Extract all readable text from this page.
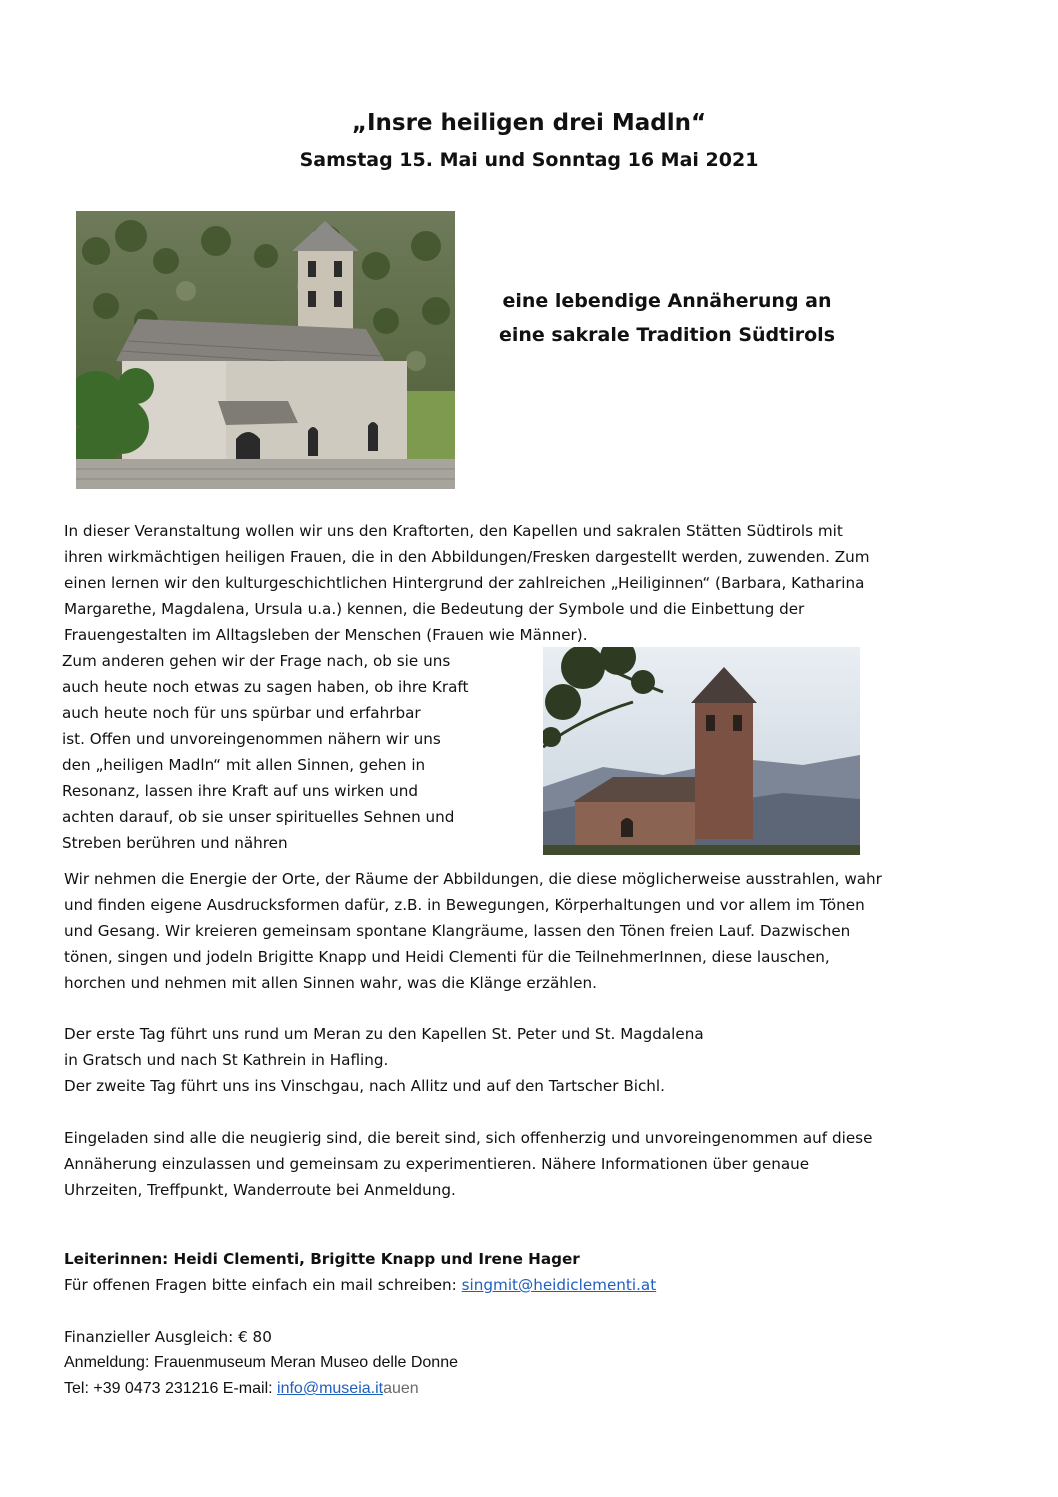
„Insre heiligen drei Madln“
Samstag 15. Mai und Sonntag 16 Mai 2021
eine lebendige Annäherung an
eine sakrale Tradition Südtirols
In dieser Veranstaltung wollen wir uns den Kraftorten, den Kapellen und sakralen Stätten Südtirols mit
ihren wirkmächtigen heiligen Frauen, die in den Abbildungen/Fresken dargestellt werden, zuwenden. Zum
einen lernen wir den kulturgeschichtlichen Hintergrund der zahlreichen „Heiliginnen“ (Barbara, Katharina
Margarethe, Magdalena, Ursula u.a.) kennen, die Bedeutung der Symbole und die Einbettung der
Frauengestalten im Alltagsleben der Menschen (Frauen wie Männer).
Zum anderen gehen wir der Frage nach, ob sie uns
auch heute noch etwas zu sagen haben, ob ihre Kraft
auch heute noch für uns spürbar und erfahrbar
ist. Offen und unvoreingenommen nähern wir uns
den „heiligen Madln“ mit allen Sinnen, gehen in
Resonanz, lassen ihre Kraft auf uns wirken und
achten darauf, ob sie unser spirituelles Sehnen und
Streben berühren und nähren
Wir nehmen die Energie der Orte, der Räume der Abbildungen, die diese möglicherweise ausstrahlen, wahr
und finden eigene Ausdrucksformen dafür, z.B. in Bewegungen, Körperhaltungen und vor allem im Tönen
und Gesang. Wir kreieren gemeinsam spontane Klangräume, lassen den Tönen freien Lauf. Dazwischen
tönen, singen und jodeln Brigitte Knapp und Heidi Clementi für die TeilnehmerInnen, diese lauschen,
horchen und nehmen mit allen Sinnen wahr, was die Klänge erzählen.
Der erste Tag führt uns rund um Meran zu den Kapellen St. Peter und St. Magdalena
in Gratsch und nach St Kathrein in Hafling.
Der zweite Tag führt uns ins Vinschgau, nach Allitz und auf den Tartscher Bichl.
Eingeladen sind alle die neugierig sind, die bereit sind, sich offenherzig und unvoreingenommen auf diese
Annäherung einzulassen und gemeinsam zu experimentieren. Nähere Informationen über genaue
Uhrzeiten, Treffpunkt, Wanderroute bei Anmeldung.
Leiterinnen: Heidi Clementi, Brigitte Knapp und Irene Hager
Für offenen Fragen bitte einfach ein mail schreiben: singmit@heidiclementi.at
Finanzieller Ausgleich: € 80
Anmeldung: Frauenmuseum Meran Museo delle Donne
Tel: +39 0473 231216 E-mail: info@museia.itauen
